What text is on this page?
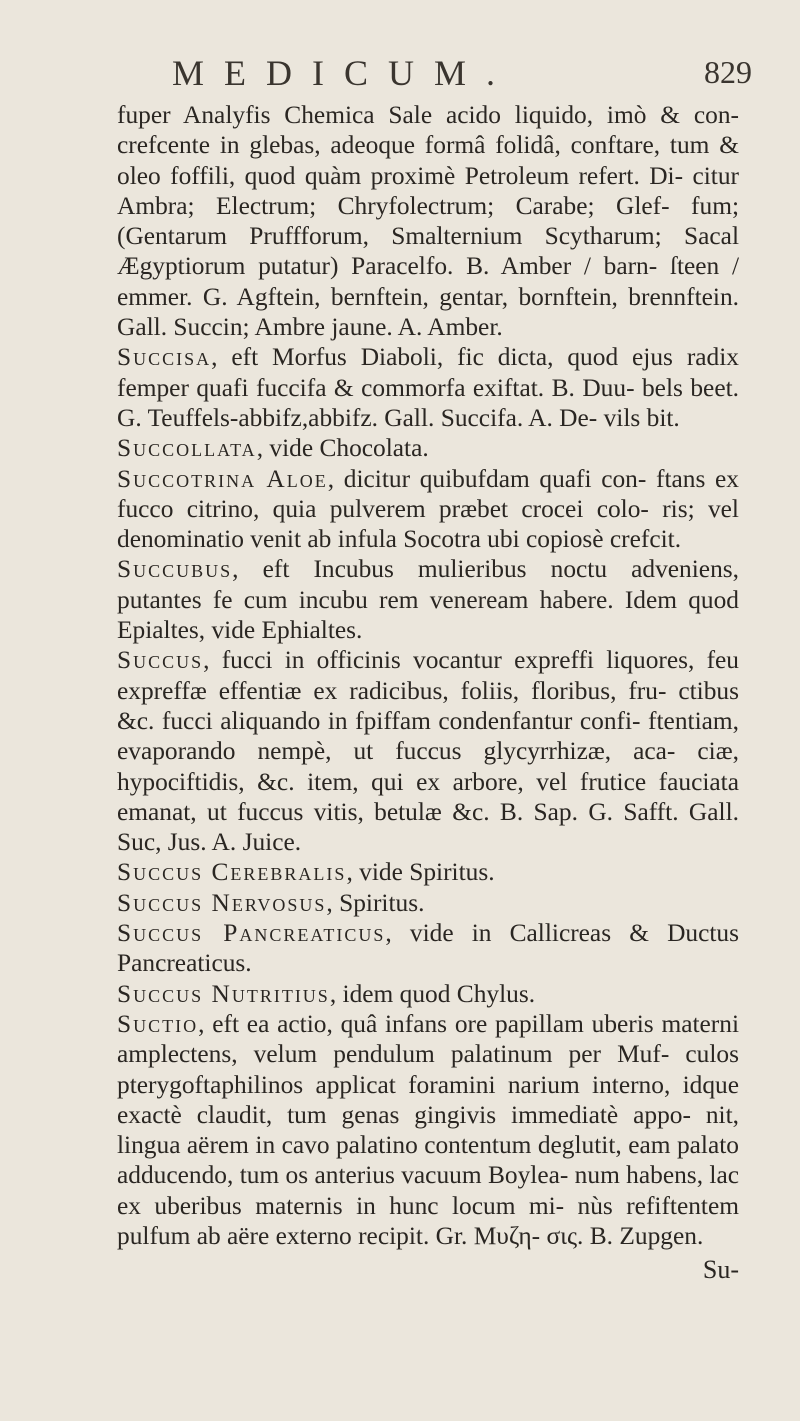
MEDICUM.	829

fuper Analyfis Chemica Sale acido liquido, imò & con- crefcente in glebas, adeoque formâ folidâ, conftare, tum & oleo foffili, quod quàm proximè Petroleum refert. Di- citur Ambra; Electrum; Chryfolectrum; Carabe; Glef- fum; (Gentarum Pruffforum, Smalternium Scytharum; Sacal Ægyptiorum putatur) Paracelfo. B. Amber / barn- ſteen / emmer. G. Agftein, bernftein, gentar, bornftein, brennftein. Gall. Succin; Ambre jaune. A. Amber.

Succisa, eft Morfus Diaboli, fic dicta, quod ejus radix femper quafi fuccifa & commorfa exiftat. B. Duu- bels beet. G. Teuffels-abbifz,abbifz. Gall. Succifa. A. De- vils bit.

Succollata, vide Chocolata.

Succotrina Aloe, dicitur quibufdam quafi con- ftans ex fucco citrino, quia pulverem præbet crocei colo- ris; vel denominatio venit ab infula Socotra ubi copiosè crefcit.

Succubus, eft Incubus mulieribus noctu adveniens, putantes fe cum incubu rem veneream habere. Idem quod Epialtes, vide Ephialtes.

Succus, fucci in officinis vocantur expreffi liquores, feu expreffæ effentiæ ex radicibus, foliis, floribus, fru- ctibus &c. fucci aliquando in fpiffam condenfantur confi- ftentiam, evaporando nempè, ut fuccus glycyrrhizæ, aca- ciæ, hypociftidis, &c. item, qui ex arbore, vel frutice fauciata emanat, ut fuccus vitis, betulæ &c. B. Sap. G. Safft. Gall. Suc, Jus. A. Juice.

Succus Cerebralis, vide Spiritus.

Succus Nervosus, Spiritus.

Succus Pancreaticus, vide in Callicreas & Ductus Pancreaticus.

Succus Nutritius, idem quod Chylus.

Suctio, eft ea actio, quâ infans ore papillam uberis materni amplectens, velum pendulum palatinum per Muf- culos pterygoftaphilinos applicat foramini narium interno, idque exactè claudit, tum genas gingivis immediatè appo- nit, lingua aërem in cavo palatino contentum deglutit, eam palato adducendo, tum os anterius vacuum Boylea- num habens, lac ex uberibus maternis in hunc locum mi- nùs refiftentem pulfum ab aëre externo recipit. Gr. Μυζη- σις. B. Zupgen.

Su-
